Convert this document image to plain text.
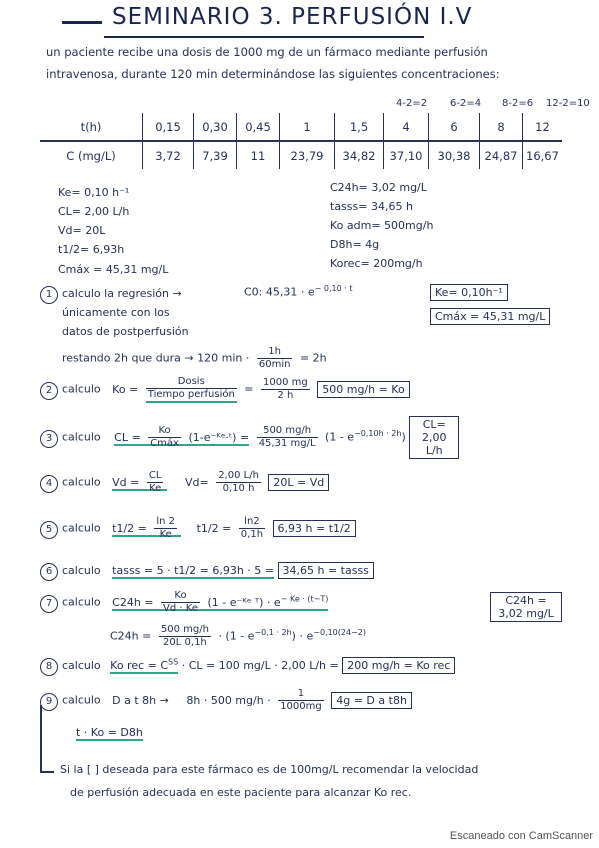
SEMINARIO 3. PERFUSIÓN I.V
un paciente recibe una dosis de 1000 mg de un fármaco mediante perfusión
intravenosa, durante 120 min determinándose las siguientes concentraciones:
4-2=2 6-2=4 8-2=6 12-2=10
t(h)	0,15	0,30	0,45	1	1,5	4	6	8	12
C (mg/L)	3,72	7,39	11	23,79	34,82	37,10	30,38	24,87	16,67
Ke= 0,10 h⁻¹
CL= 2,00 L/h
Vd= 20L
t1/2= 6,93h
Cmáx = 45,31 mg/L
C24h= 3,02 mg/L
tasss= 34,65 h
Ko adm= 500mg/h
D8h= 4g
Korec= 200mg/h
1 calculo la regresión →	C0: $45,31 \cdot e^{- 0,10 \cdot t}$	Ke= 0,10h⁻¹
Cmáx = 45,31 mg/L
únicamente con los
datos de postperfusión
restando 2h que dura → 120 $\min \cdot \frac{1h}{60\min} = 2h$
2 calculo $Ko = \frac{\text{Dosis}}{\text{Tiempo perfusión}} = \frac{1000 mg}{2 h} 500$ mg/h = Ko
3 calculo CL = $\frac{Ko}{\text{Cmáx}}$ (1-e⁻ᴷᵉ·ᵗ) = $\frac{500 mg/h}{45,31 mg/L} (1 - e^{-0,10h \cdot 2h})$ CL= 2,00 L/h
4 calculo $Vd = \frac{CL}{Ke} Vd= \frac{2,00 L/h}{0,10 h} 20L = Vd$
5 calculo $t1/2 = \frac{\ln 2}{Ke} t1/2 = \frac{\ln 2}{0,1h} 6,93$ h = t1/2
6 calculo tasss = 5 · t1/2 = 6,93h · 5 = 34,65 h = tasss
7 calculo $C24h = \frac{Ko}{Vd \cdot Ke} (1$ - e⁻ᴷᵉ ᵀ) · $e^{- Ke \cdot (t-T)}$	C24h = 3,02 mg/L
$C24h = \frac{500 mg/h}{20L 0,1h} \cdot (1 - e^{-0,1 \cdot 2h}) \cdot e^{-0,10(24-2)}$
8 calculo Ko rec = $C^{SS}$ · CL = 100 mg/L · 2,00 L/h = 200 mg/h = Ko rec
9 calculo D a t 8h → 8h · 500 $mg/h \cdot \frac{1}{1000mg} 4g = D$ a t8h
t · Ko = D8h
Si la [ ] deseada para este fármaco es de 100mg/L recomendar la velocidad
de perfusión adecuada en este paciente para alcanzar Ko rec.
Escaneado con CamScanner
